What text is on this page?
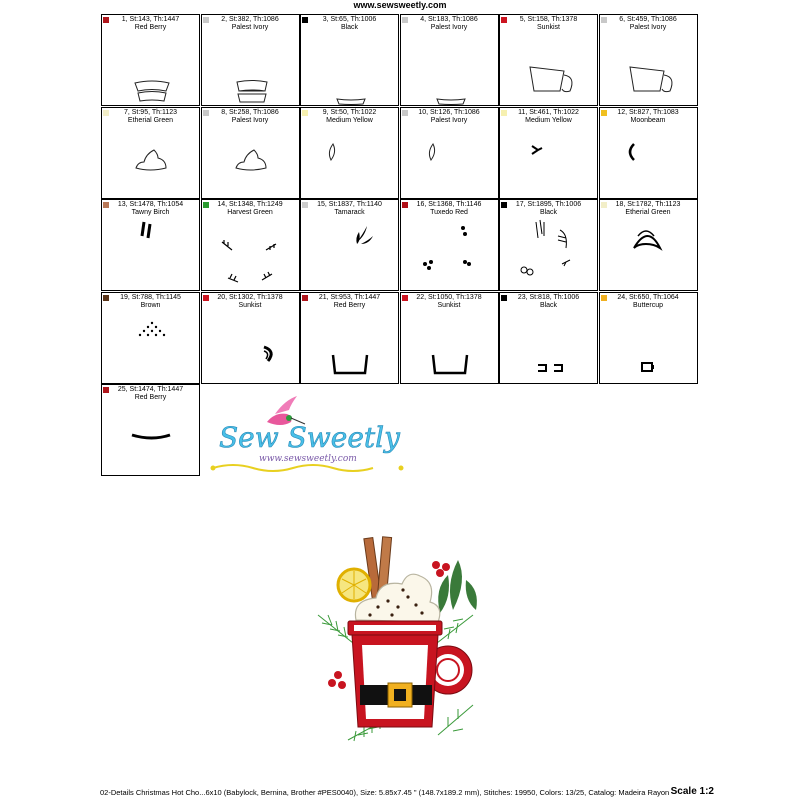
www.sewsweetly.com
1, St:143, Th:1447
Red Berry
2, St:382, Th:1086
Palest Ivory
3, St:65, Th:1006
Black
4, St:183, Th:1086
Palest Ivory
5, St:158, Th:1378
Sunkist
6, St:459, Th:1086
Palest Ivory
7, St:95, Th:1123
Etherial Green
8, St:258, Th:1086
Palest Ivory
9, St:50, Th:1022
Medium Yellow
10, St:126, Th:1086
Palest Ivory
11, St:461, Th:1022
Medium Yellow
12, St:827, Th:1083
Moonbeam
13, St:1478, Th:1054
Tawny Birch
14, St:1348, Th:1249
Harvest Green
15, St:1837, Th:1140
Tamarack
16, St:1368, Th:1146
Tuxedo Red
17, St:1895, Th:1006
Black
18, St:1782, Th:1123
Etherial Green
19, St:788, Th:1145
Brown
20, St:1302, Th:1378
Sunkist
21, St:953, Th:1447
Red Berry
22, St:1050, Th:1378
Sunkist
23, St:818, Th:1006
Black
24, St:650, Th:1064
Buttercup
25, St:1474, Th:1447
Red Berry
Sew Sweetly
www.sewsweetly.com
02-Details Christmas Hot Cho...6x10 (Babylock, Bernina, Brother #PES0040), Size: 5.85x7.45 " (148.7x189.2 mm), Stitches: 19950, Colors: 13/25, Catalog: Madeira Rayon Scale 1:2
